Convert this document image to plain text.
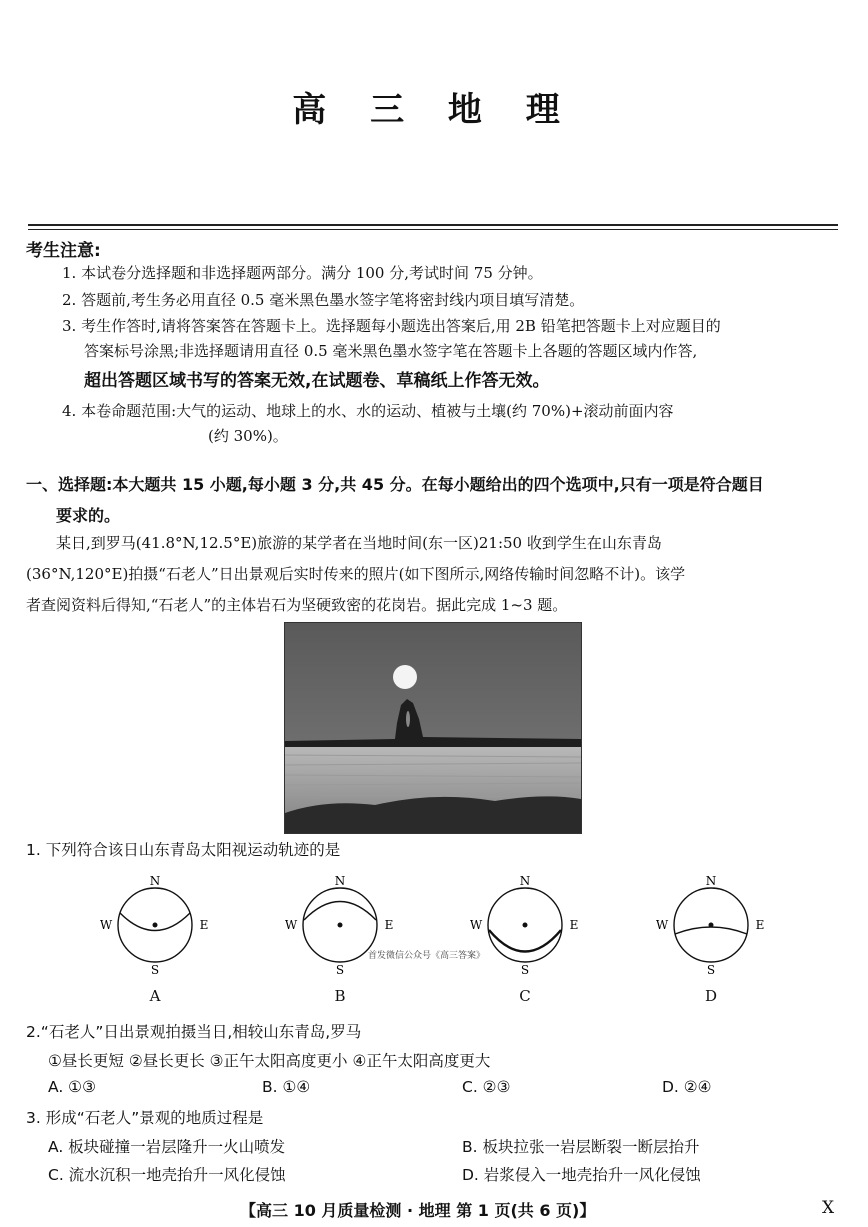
高 三 地 理
考生注意:
1. 本试卷分选择题和非选择题两部分。满分 100 分,考试时间 75 分钟。
2. 答题前,考生务必用直径 0.5 毫米黑色墨水签字笔将密封线内项目填写清楚。
3. 考生作答时,请将答案答在答题卡上。选择题每小题选出答案后,用 2B 铅笔把答题卡上对应题目的
答案标号涂黑;非选择题请用直径 0.5 毫米黑色墨水签字笔在答题卡上各题的答题区域内作答,
超出答题区域书写的答案无效,在试题卷、草稿纸上作答无效。
4. 本卷命题范围:大气的运动、地球上的水、水的运动、植被与土壤(约 70%)+滚动前面内容
(约 30%)。
一、选择题:本大题共 15 小题,每小题 3 分,共 45 分。在每小题给出的四个选项中,只有一项是符合题目
要求的。
某日,到罗马(41.8°N,12.5°E)旅游的某学者在当地时间(东一区)21:50 收到学生在山东青岛
(36°N,120°E)拍摄“石老人”日出景观后实时传来的照片(如下图所示,网络传输时间忽略不计)。该学
者查阅资料后得知,“石老人”的主体岩石为坚硬致密的花岗岩。据此完成 1~3 题。
1. 下列符合该日山东青岛太阳视运动轨迹的是
N
S
W	E
N
S
W	E
N
S
W	E
N
S
W	E
首发微信公众号《高三答案》
A	B	C	D
2.“石老人”日出景观拍摄当日,相较山东青岛,罗马
①昼长更短 ②昼长更长 ③正午太阳高度更小 ④正午太阳高度更大
A. ①③	B. ①④	C. ②③	D. ②④
3. 形成“石老人”景观的地质过程是
A. 板块碰撞一岩层隆升一火山喷发	B. 板块拉张一岩层断裂一断层抬升
C. 流水沉积一地壳抬升一风化侵蚀	D. 岩浆侵入一地壳抬升一风化侵蚀
【高三 10 月质量检测 · 地理 第 1 页(共 6 页)】	X
